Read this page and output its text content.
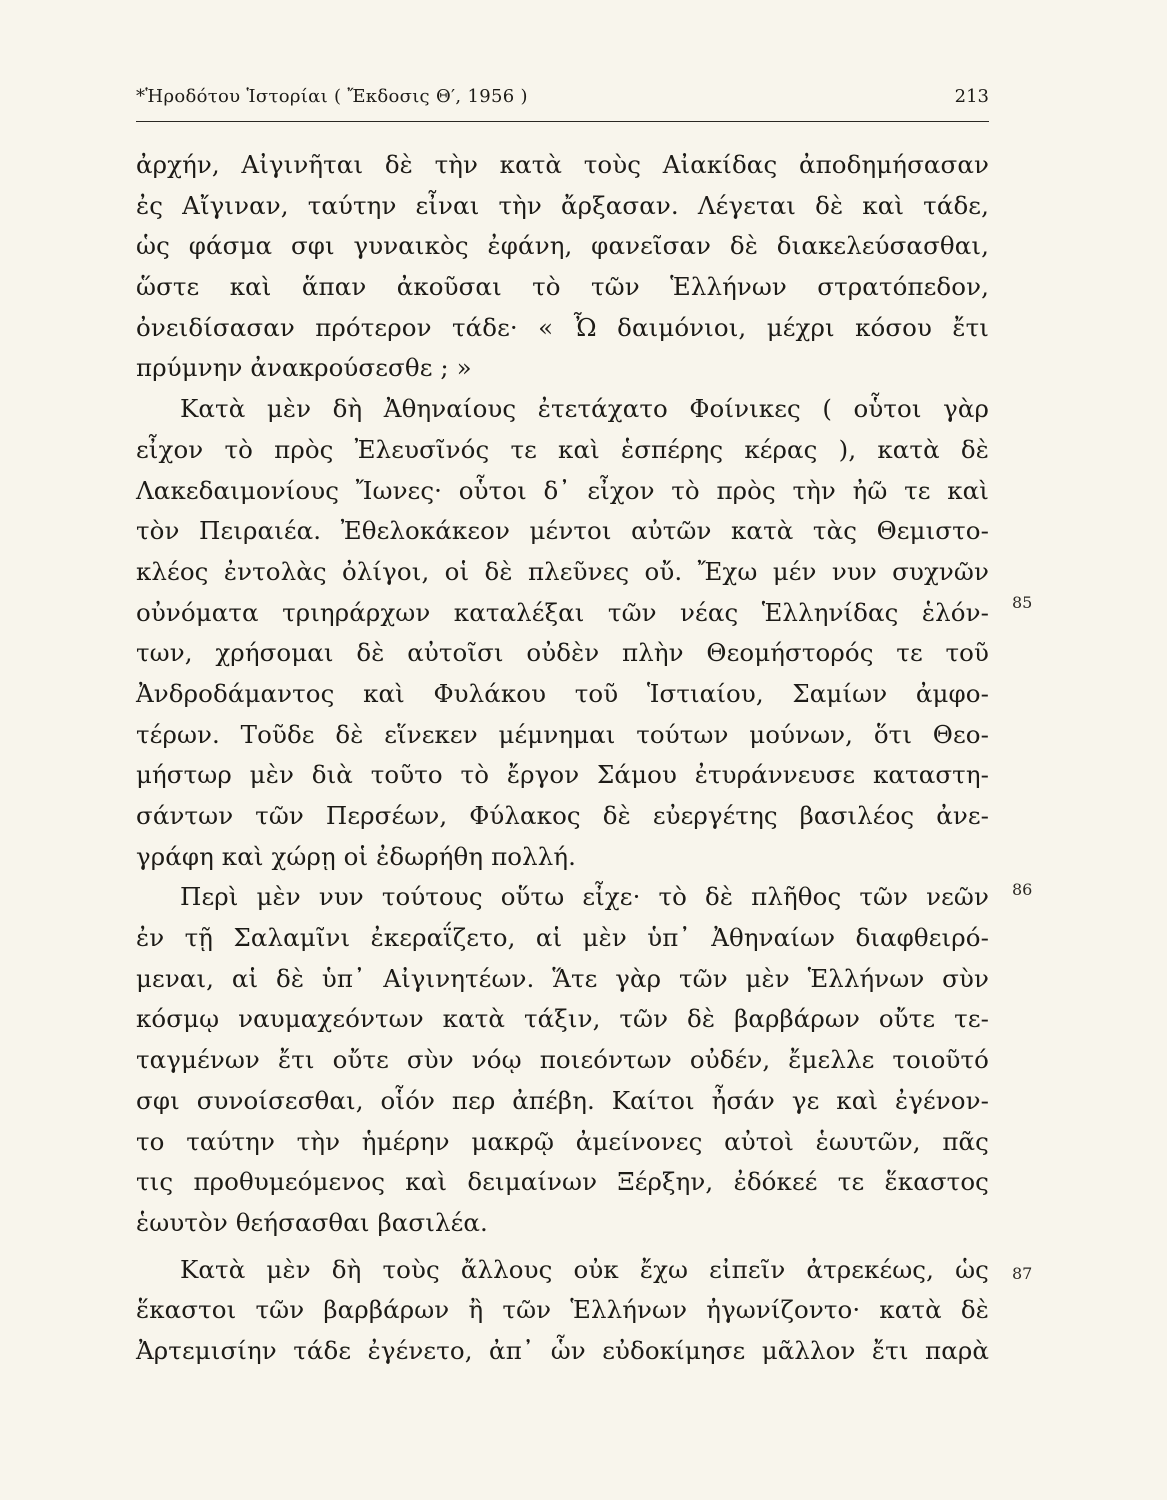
*Ἡροδότου Ἱστορίαι ( Ἔκδοσις Θ′, 1956 )	213
ἀρχήν, Αἰγινῆται δὲ τὴν κατὰ τοὺς Αἰακίδας ἀποδημήσασαν
ἐς Αἴγιναν, ταύτην εἶναι τὴν ἄρξασαν. Λέγεται δὲ καὶ τάδε,
ὡς φάσμα σφι γυναικὸς ἐφάνη, φανεῖσαν δὲ διακελεύσασθαι,
ὥστε καὶ ἅπαν ἀκοῦσαι τὸ τῶν Ἑλλήνων στρατόπεδον,
ὀνειδίσασαν πρότερον τάδε· « Ὦ δαιμόνιοι, μέχρι κόσου ἔτι
πρύμνην ἀνακρούσεσθε ; »
Κατὰ μὲν δὴ Ἀθηναίους ἐτετάχατο Φοίνικες ( οὗτοι γὰρ
εἶχον τὸ πρὸς Ἐλευσῖνός τε καὶ ἑσπέρης κέρας ), κατὰ δὲ
Λακεδαιμονίους Ἴωνες· οὗτοι δ᾽ εἶχον τὸ πρὸς τὴν ἠῶ τε καὶ
τὸν Πειραιέα. Ἐθελοκάκεον μέντοι αὐτῶν κατὰ τὰς Θεμιστο-
κλέος ἐντολὰς ὀλίγοι, οἱ δὲ πλεῦνες οὔ. Ἔχω μέν νυν συχνῶν
οὐνόματα τριηράρχων καταλέξαι τῶν νέας Ἑλληνίδας ἑλόν-
των, χρήσομαι δὲ αὐτοῖσι οὐδὲν πλὴν Θεομήστορός τε τοῦ
Ἀνδροδάμαντος καὶ Φυλάκου τοῦ Ἱστιαίου, Σαμίων ἀμφο-
τέρων. Τοῦδε δὲ εἵνεκεν μέμνημαι τούτων μούνων, ὅτι Θεο-
μήστωρ μὲν διὰ τοῦτο τὸ ἔργον Σάμου ἐτυράννευσε καταστη-
σάντων τῶν Περσέων, Φύλακος δὲ εὐεργέτης βασιλέος ἀνε-
γράφη καὶ χώρῃ οἱ ἐδωρήθη πολλή.
Περὶ μὲν νυν τούτους οὕτω εἶχε· τὸ δὲ πλῆθος τῶν νεῶν
ἐν τῇ Σαλαμῖνι ἐκεραΐζετο, αἱ μὲν ὑπ᾽ Ἀθηναίων διαφθειρό-
μεναι, αἱ δὲ ὑπ᾽ Αἰγινητέων. Ἅτε γὰρ τῶν μὲν Ἑλλήνων σὺν
κόσμῳ ναυμαχεόντων κατὰ τάξιν, τῶν δὲ βαρβάρων οὔτε τε-
ταγμένων ἔτι οὔτε σὺν νόῳ ποιεόντων οὐδέν, ἔμελλε τοιοῦτό
σφι συνοίσεσθαι, οἷόν περ ἀπέβη. Καίτοι ἦσάν γε καὶ ἐγένον-
το ταύτην τὴν ἡμέρην μακρῷ ἀμείνονες αὐτοὶ ἑωυτῶν, πᾶς
τις προθυμεόμενος καὶ δειμαίνων Ξέρξην, ἐδόκεέ τε ἕκαστος
ἑωυτὸν θεήσασθαι βασιλέα.
Κατὰ μὲν δὴ τοὺς ἄλλους οὐκ ἔχω εἰπεῖν ἀτρεκέως, ὡς
ἕκαστοι τῶν βαρβάρων ἢ τῶν Ἑλλήνων ἠγωνίζοντο· κατὰ δὲ
Ἀρτεμισίην τάδε ἐγένετο, ἀπ᾽ ὧν εὐδοκίμησε μᾶλλον ἔτι παρὰ
85
86
87
